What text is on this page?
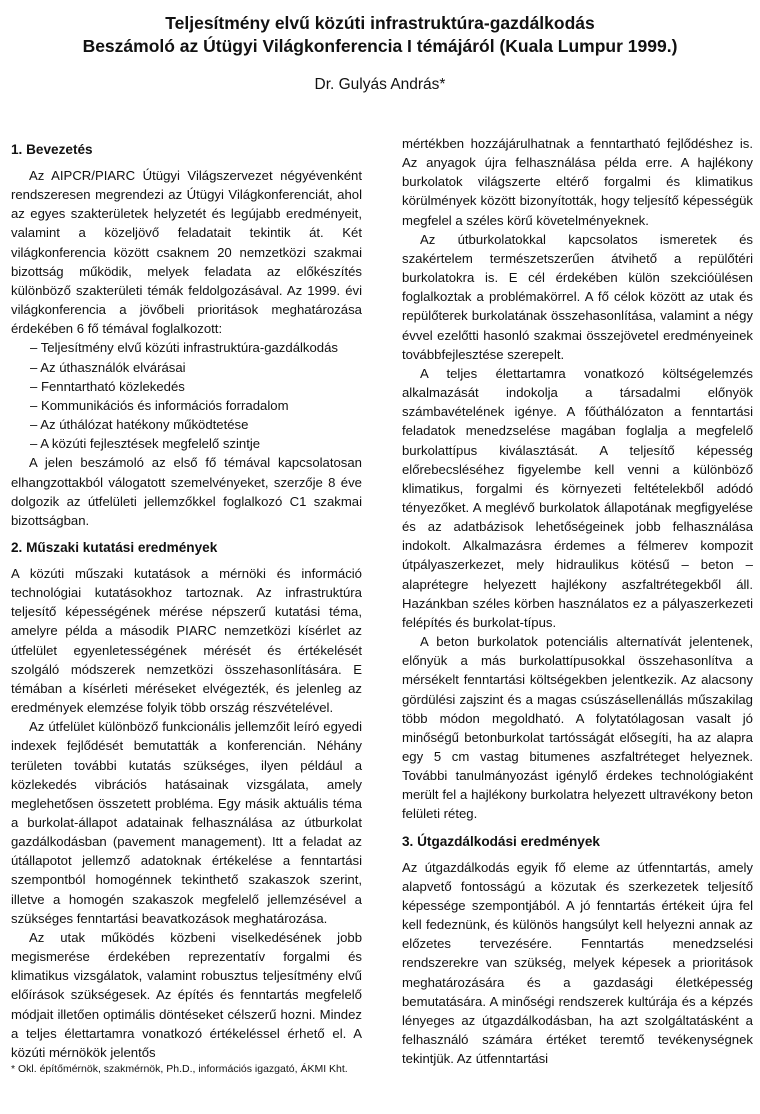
Teljesítmény elvű közúti infrastruktúra-gazdálkodás
Beszámoló az Útügyi Világkonferencia I témájáról (Kuala Lumpur 1999.)
Dr. Gulyás András*
1. Bevezetés

Az AIPCR/PIARC Útügyi Világszervezet négyévenként rendszeresen megrendezi az Útügyi Világkonferenciát, ahol az egyes szakterületek helyzetét és legújabb eredményeit, valamint a közeljövő feladatait tekintik át. Két világkonferencia között csaknem 20 nemzetközi szakmai bizottság működik, melyek feladata az előkészítés különböző szakterületi témák feldolgozásával. Az 1999. évi világkonferencia a jövőbeli prioritások meghatározása érdekében 6 fő témával foglalkozott:

– Teljesítmény elvű közúti infrastruktúra-gazdálkodás
– Az úthasználók elvárásai
– Fenntartható közlekedés
– Kommunikációs és információs forradalom
– Az úthálózat hatékony működtetése
– A közúti fejlesztések megfelelő szintje

A jelen beszámoló az első fő témával kapcsolatosan elhangzottakból válogatott szemelvényeket, szerzője 8 éve dolgozik az útfelületi jellemzőkkel foglalkozó C1 szakmai bizottságban.

2. Műszaki kutatási eredmények

A közúti műszaki kutatások a mérnöki és információ technológiai kutatásokhoz tartoznak. Az infrastruktúra teljesítő képességének mérése népszerű kutatási téma, amelyre példa a második PIARC nemzetközi kísérlet az útfelület egyenletességének mérését és értékelését szolgáló módszerek nemzetközi összehasonlítására. E témában a kísérleti méréseket elvégezték, és jelenleg az eredmények elemzése folyik több ország részvételével.

Az útfelület különböző funkcionális jellemzőit leíró egyedi indexek fejlődését bemutatták a konferencián. Néhány területen további kutatás szükséges, ilyen például a közlekedés vibrációs hatásainak vizsgálata, amely meglehetősen összetett probléma. Egy másik aktuális téma a burkolat-állapot adatainak felhasználása az útburkolat gazdálkodásban (pavement management). Itt a feladat az útállapotot jellemző adatoknak értékelése a fenntartási szempontból homogénnek tekinthető szakaszok szerint, illetve a homogén szakaszok megfelelő jellemzésével a szükséges fenntartási beavatkozások meghatározása.

Az utak működés közbeni viselkedésének jobb megismerése érdekében reprezentatív forgalmi és klimatikus vizsgálatok, valamint robusztus teljesítmény elvű előírások szükségesek. Az építés és fenntartás megfelelő módjait illetően optimális döntéseket célszerű hozni. Mindez a teljes élettartamra vonatkozó értékeléssel érhető el. A közúti mérnökök jelentős

mértékben hozzájárulhatnak a fenntartható fejlődéshez is. Az anyagok újra felhasználása példa erre. A hajlékony burkolatok világszerte eltérő forgalmi és klimatikus körülmények között bizonyították, hogy teljesítő képességük megfelel a széles körű követelményeknek.

Az útburkolatokkal kapcsolatos ismeretek és szakértelem természetszerűen átvihető a repülőtéri burkolatokra is. E cél érdekében külön szekcióülésen foglalkoztak a problémakörrel. A fő célok között az utak és repülőterek burkolatának összehasonlítása, valamint a négy évvel ezelőtti hasonló szakmai összejövetel eredményeinek továbbfejlesztése szerepelt.

A teljes élettartamra vonatkozó költségelemzés alkalmazását indokolja a társadalmi előnyök számbavételének igénye. A főúthálózaton a fenntartási feladatok menedzselése magában foglalja a megfelelő burkolattípus kiválasztását. A teljesítő képesség előrebecsléséhez figyelembe kell venni a különböző klimatikus, forgalmi és környezeti feltételekből adódó tényezőket. A meglévő burkolatok állapotának megfigyelése és az adatbázisok lehetőségeinek jobb felhasználása indokolt. Alkalmazásra érdemes a félmerev kompozit útpályaszerkezet, mely hidraulikus kötésű – beton – alaprétegre helyezett hajlékony aszfaltrétegekből áll. Hazánkban széles körben használatos ez a pályaszerkezeti felépítés és burkolat-típus.

A beton burkolatok potenciális alternatívát jelentenek, előnyük a más burkolattípusokkal összehasonlítva a mérsékelt fenntartási költségekben jelentkezik. Az alacsony gördülési zajszint és a magas csúszásellenállás műszakilag több módon megoldható. A folytatólagosan vasalt jó minőségű betonburkolat tartósságát elősegíti, ha az alapra egy 5 cm vastag bitumenes aszfaltréteget helyeznek. További tanulmányozást igénylő érdekes technológiaként merült fel a hajlékony burkolatra helyezett ultravékony beton felületi réteg.

3. Útgazdálkodási eredmények

Az útgazdálkodás egyik fő eleme az útfenntartás, amely alapvető fontosságú a közutak és szerkezetek teljesítő képessége szempontjából. A jó fenntartás értékeit újra fel kell fedeznünk, és különös hangsúlyt kell helyezni annak az előzetes tervezésére. Fenntartás menedzselési rendszerekre van szükség, melyek képesek a prioritások meghatározására és a gazdasági életképesség bemutatására. A minőségi rendszerek kultúrája és a képzés lényeges az útgazdálkodásban, ha azt szolgáltatásként a felhasználó számára értéket teremtő tevékenységnek tekintjük. Az útfenntartási

* Okl. építőmérnök, szakmérnök, Ph.D., információs igazgató, ÁKMI Kht.
